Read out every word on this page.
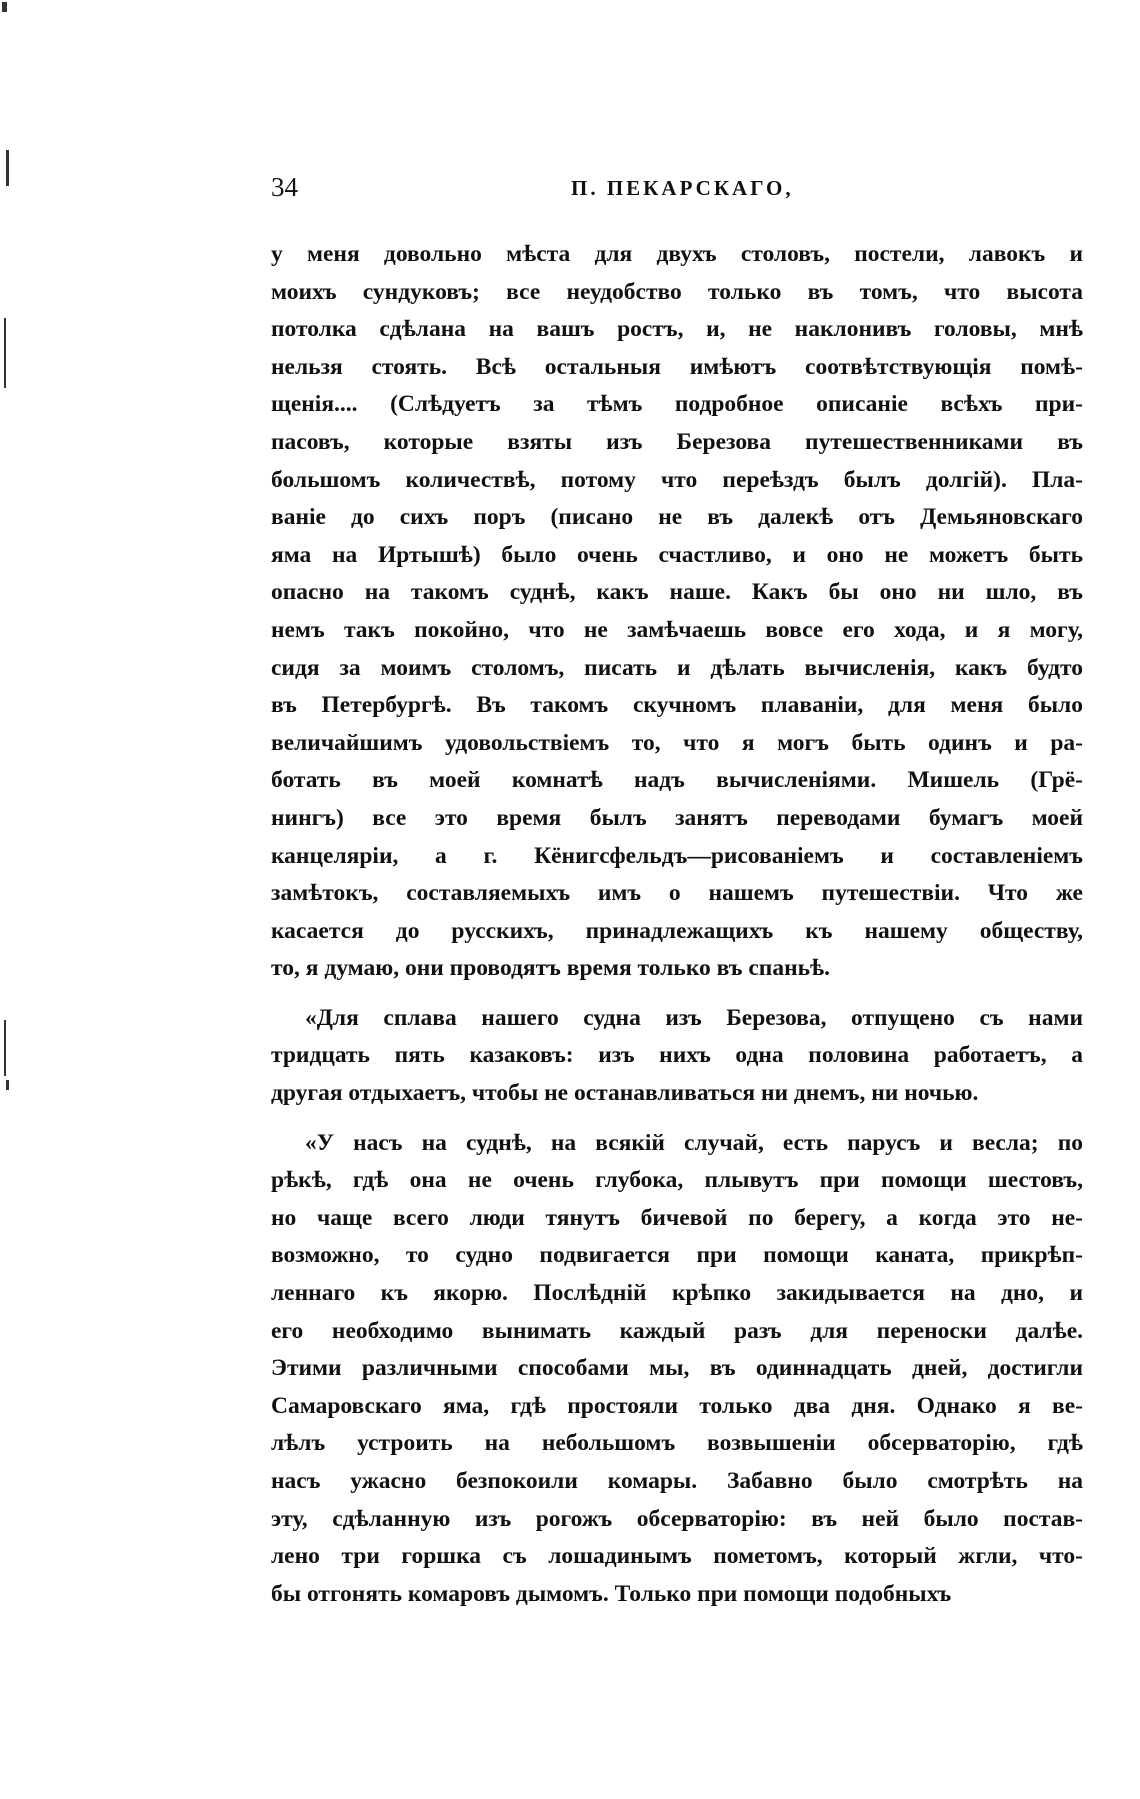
34	П. ПЕКАРСКАГО,

у меня довольно мѣста для двухъ столовъ, постели, лавокъ и
моихъ сундуковъ; все неудобство только въ томъ, что высота
потолка сдѣлана на вашъ ростъ, и, не наклонивъ головы, мнѣ
нельзя стоять. Всѣ остальныя имѣютъ соотвѣтствующія помѣ-
щенія.... (Слѣдуетъ за тѣмъ подробное описаніе всѣхъ при-
пасовъ, которые взяты изъ Березова путешественниками въ
большомъ количествѣ, потому что переѣздъ былъ долгій). Пла-
ваніе до сихъ поръ (писано не въ далекѣ отъ Демьяновскаго
яма на Иртышѣ) было очень счастливо, и оно не можетъ быть
опасно на такомъ суднѣ, какъ наше. Какъ бы оно ни шло, въ
немъ такъ покойно, что не замѣчаешь вовсе его хода, и я могу,
сидя за моимъ столомъ, писать и дѣлать вычисленія, какъ будто
въ Петербургѣ. Въ такомъ скучномъ плаваніи, для меня было
величайшимъ удовольствіемъ то, что я могъ быть одинъ и ра-
ботать въ моей комнатѣ надъ вычисленіями. Мишель (Грё-
нингъ) все это время былъ занятъ переводами бумагъ моей
канцеляріи, а г. Кёнигсфельдъ—рисованіемъ и составленіемъ
замѣтокъ, составляемыхъ имъ о нашемъ путешествіи. Что же
касается до русскихъ, принадлежащихъ къ нашему обществу,
то, я думаю, они проводятъ время только въ спаньѣ.

«Для сплава нашего судна изъ Березова, отпущено съ нами
тридцать пять казаковъ: изъ нихъ одна половина работаетъ, а
другая отдыхаетъ, чтобы не останавливаться ни днемъ, ни ночью.

«У насъ на суднѣ, на всякій случай, есть парусъ и весла; по
рѣкѣ, гдѣ она не очень глубока, плывутъ при помощи шестовъ,
но чаще всего люди тянутъ бичевой по берегу, а когда это не-
возможно, то судно подвигается при помощи каната, прикрѣп-
леннаго къ якорю. Послѣдній крѣпко закидывается на дно, и
его необходимо вынимать каждый разъ для переноски далѣе.
Этими различными способами мы, въ одиннадцать дней, достигли
Самаровскаго яма, гдѣ простояли только два дня. Однако я ве-
лѣлъ устроить на небольшомъ возвышеніи обсерваторію, гдѣ
насъ ужасно безпокоили комары. Забавно было смотрѣть на
эту, сдѣланную изъ рогожъ обсерваторію: въ ней было постав-
лено три горшка съ лошадинымъ пометомъ, который жгли, что-
бы отгонять комаровъ дымомъ. Только при помощи подобныхъ
